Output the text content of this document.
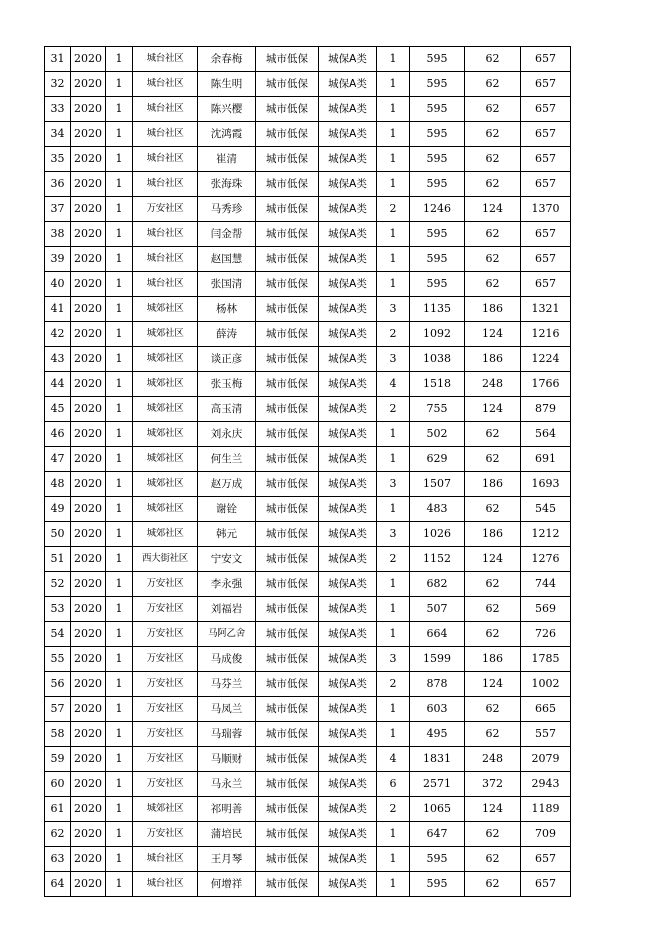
31	2020	1	城台社区	余春梅	城市低保	城保A类	1	595	62	657
32	2020	1	城台社区	陈生明	城市低保	城保A类	1	595	62	657
33	2020	1	城台社区	陈兴樱	城市低保	城保A类	1	595	62	657
34	2020	1	城台社区	沈鸿霞	城市低保	城保A类	1	595	62	657
35	2020	1	城台社区	崔清	城市低保	城保A类	1	595	62	657
36	2020	1	城台社区	张海珠	城市低保	城保A类	1	595	62	657
37	2020	1	万安社区	马秀珍	城市低保	城保A类	2	1246	124	1370
38	2020	1	城台社区	闫金帮	城市低保	城保A类	1	595	62	657
39	2020	1	城台社区	赵国慧	城市低保	城保A类	1	595	62	657
40	2020	1	城台社区	张国清	城市低保	城保A类	1	595	62	657
41	2020	1	城郊社区	杨林	城市低保	城保A类	3	1135	186	1321
42	2020	1	城郊社区	薛涛	城市低保	城保A类	2	1092	124	1216
43	2020	1	城郊社区	谈正彦	城市低保	城保A类	3	1038	186	1224
44	2020	1	城郊社区	张玉梅	城市低保	城保A类	4	1518	248	1766
45	2020	1	城郊社区	高玉清	城市低保	城保A类	2	755	124	879
46	2020	1	城郊社区	刘永庆	城市低保	城保A类	1	502	62	564
47	2020	1	城郊社区	何生兰	城市低保	城保A类	1	629	62	691
48	2020	1	城郊社区	赵万成	城市低保	城保A类	3	1507	186	1693
49	2020	1	城郊社区	谢铨	城市低保	城保A类	1	483	62	545
50	2020	1	城郊社区	韩元	城市低保	城保A类	3	1026	186	1212
51	2020	1	西大街社区	宁安文	城市低保	城保A类	2	1152	124	1276
52	2020	1	万安社区	李永强	城市低保	城保A类	1	682	62	744
53	2020	1	万安社区	刘福岩	城市低保	城保A类	1	507	62	569
54	2020	1	万安社区	马阿乙舍	城市低保	城保A类	1	664	62	726
55	2020	1	万安社区	马成俊	城市低保	城保A类	3	1599	186	1785
56	2020	1	万安社区	马芬兰	城市低保	城保A类	2	878	124	1002
57	2020	1	万安社区	马凤兰	城市低保	城保A类	1	603	62	665
58	2020	1	万安社区	马瑞蓉	城市低保	城保A类	1	495	62	557
59	2020	1	万安社区	马顺财	城市低保	城保A类	4	1831	248	2079
60	2020	1	万安社区	马永兰	城市低保	城保A类	6	2571	372	2943
61	2020	1	城郊社区	祁明善	城市低保	城保A类	2	1065	124	1189
62	2020	1	万安社区	蒲培民	城市低保	城保A类	1	647	62	709
63	2020	1	城台社区	王月琴	城市低保	城保A类	1	595	62	657
64	2020	1	城台社区	何增祥	城市低保	城保A类	1	595	62	657
